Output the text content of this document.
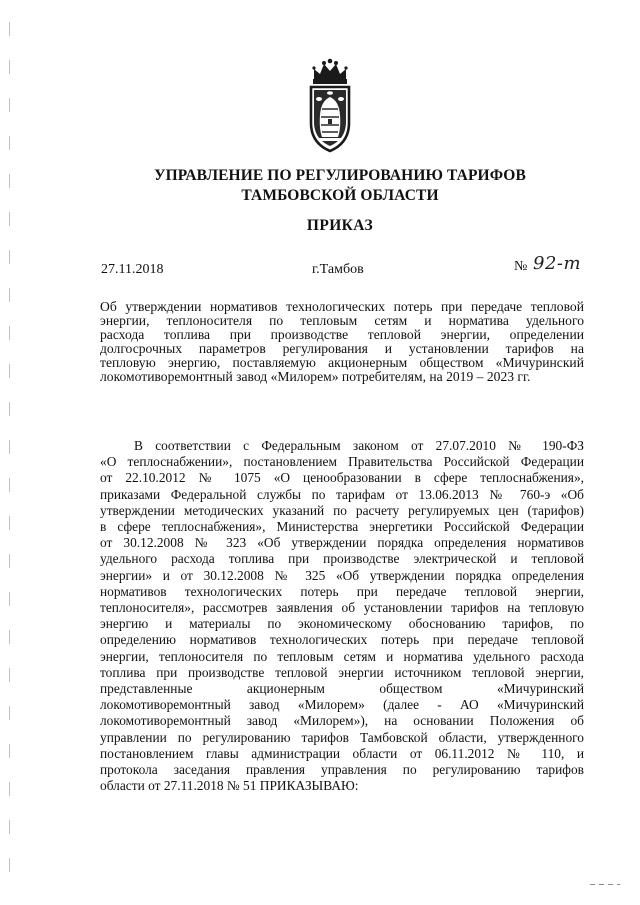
УПРАВЛЕНИЕ ПО РЕГУЛИРОВАНИЮ ТАРИФОВ
ТАМБОВСКОЙ ОБЛАСТИ
ПРИКАЗ
27.11.2018	г.Тамбов	№ 92-т
Об утверждении нормативов технологических потерь при передаче тепловой
энергии, теплоносителя по тепловым сетям и норматива удельного
расхода топлива при производстве тепловой энергии, определении
долгосрочных параметров регулирования и установлении тарифов на
тепловую энергию, поставляемую акционерным обществом «Мичуринский
локомотиворемонтный завод «Милорем» потребителям, на 2019 – 2023 гг.
В соответствии с Федеральным законом от 27.07.2010 № 190-ФЗ
«О теплоснабжении», постановлением Правительства Российской Федерации
от 22.10.2012 № 1075 «О ценообразовании в сфере теплоснабжения»,
приказами Федеральной службы по тарифам от 13.06.2013 № 760-э «Об
утверждении методических указаний по расчету регулируемых цен (тарифов)
в сфере теплоснабжения», Министерства энергетики Российской Федерации
от 30.12.2008 № 323 «Об утверждении порядка определения нормативов
удельного расхода топлива при производстве электрической и тепловой
энергии» и от 30.12.2008 № 325 «Об утверждении порядка определения
нормативов технологических потерь при передаче тепловой энергии,
теплоносителя», рассмотрев заявления об установлении тарифов на тепловую
энергию и материалы по экономическому обоснованию тарифов, по
определению нормативов технологических потерь при передаче тепловой
энергии, теплоносителя по тепловым сетям и норматива удельного расхода
топлива при производстве тепловой энергии источником тепловой энергии,
представленные акционерным обществом «Мичуринский
локомотиворемонтный завод «Милорем» (далее - АО «Мичуринский
локомотиворемонтный завод «Милорем»), на основании Положения об
управлении по регулированию тарифов Тамбовской области, утвержденного
постановлением главы администрации области от 06.11.2012 № 110, и
протокола заседания правления управления по регулированию тарифов
области от 27.11.2018 № 51 ПРИКАЗЫВАЮ:
